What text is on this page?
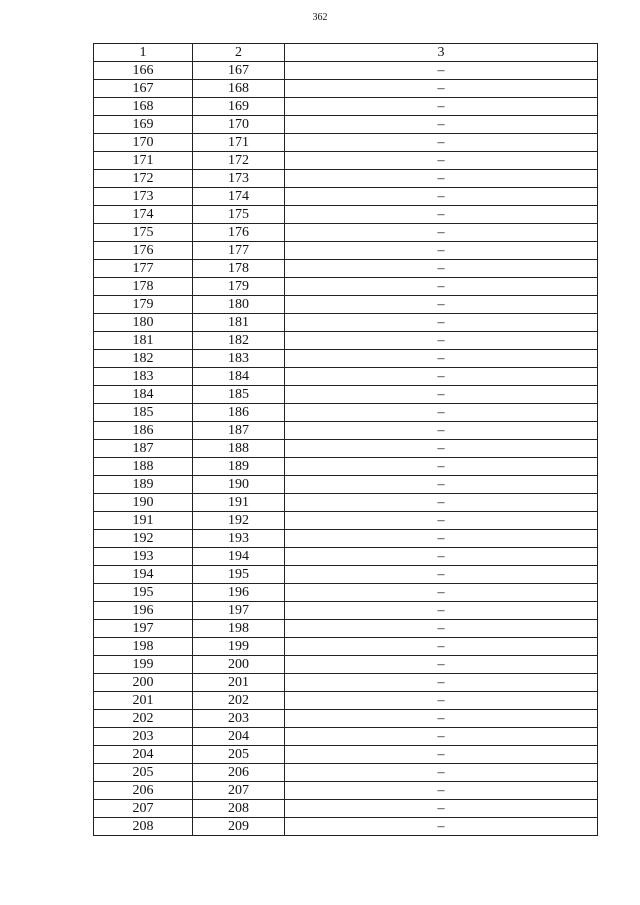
362
1	2	3
166	167	–
167	168	–
168	169	–
169	170	–
170	171	–
171	172	–
172	173	–
173	174	–
174	175	–
175	176	–
176	177	–
177	178	–
178	179	–
179	180	–
180	181	–
181	182	–
182	183	–
183	184	–
184	185	–
185	186	–
186	187	–
187	188	–
188	189	–
189	190	–
190	191	–
191	192	–
192	193	–
193	194	–
194	195	–
195	196	–
196	197	–
197	198	–
198	199	–
199	200	–
200	201	–
201	202	–
202	203	–
203	204	–
204	205	–
205	206	–
206	207	–
207	208	–
208	209	–
